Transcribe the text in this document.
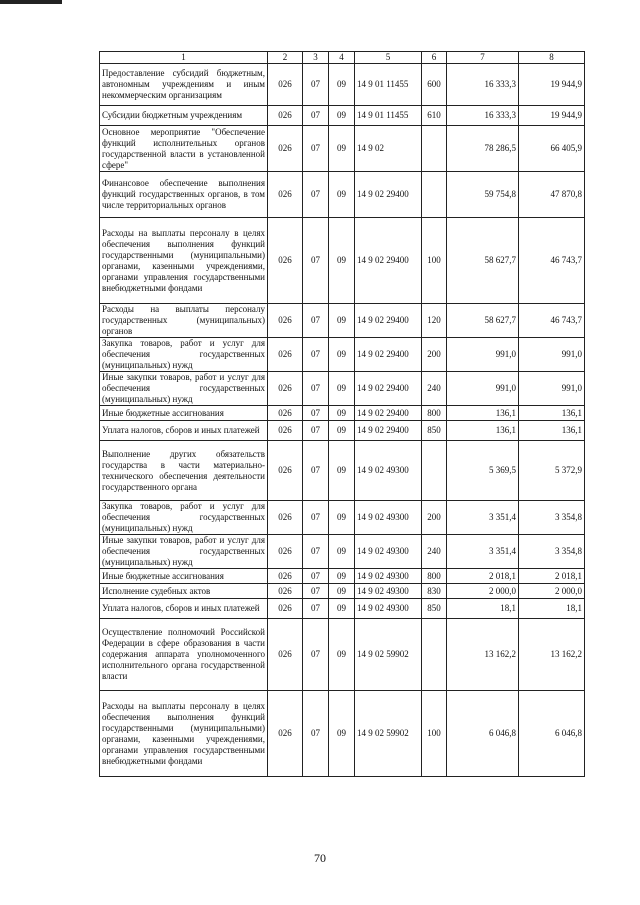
1	2	3	4	5	6	7	8
Предоставление субсидий бюджетным, автономным учреждениям и иным некоммерческим организациям	026	07	09	14 9 01 11455	600	16 333,3	19 944,9
Субсидии бюджетным учреждениям	026	07	09	14 9 01 11455	610	16 333,3	19 944,9
Основное мероприятие "Обеспечение функций исполнительных органов государственной власти в установленной сфере"	026	07	09	14 9 02		78 286,5	66 405,9
Финансовое обеспечение выполнения функций государственных органов, в том числе территориальных органов	026	07	09	14 9 02 29400		59 754,8	47 870,8
Расходы на выплаты персоналу в целях обеспечения выполнения функций государственными (муниципальными) органами, казенными учреждениями, органами управления государственными внебюджетными фондами	026	07	09	14 9 02 29400	100	58 627,7	46 743,7
Расходы на выплаты персоналу государственных (муниципальных) органов	026	07	09	14 9 02 29400	120	58 627,7	46 743,7
Закупка товаров, работ и услуг для обеспечения государственных (муниципальных) нужд	026	07	09	14 9 02 29400	200	991,0	991,0
Иные закупки товаров, работ и услуг для обеспечения государственных (муниципальных) нужд	026	07	09	14 9 02 29400	240	991,0	991,0
Иные бюджетные ассигнования	026	07	09	14 9 02 29400	800	136,1	136,1
Уплата налогов, сборов и иных платежей	026	07	09	14 9 02 29400	850	136,1	136,1
Выполнение других обязательств государства в части материально-технического обеспечения деятельности государственного органа	026	07	09	14 9 02 49300		5 369,5	5 372,9
Закупка товаров, работ и услуг для обеспечения государственных (муниципальных) нужд	026	07	09	14 9 02 49300	200	3 351,4	3 354,8
Иные закупки товаров, работ и услуг для обеспечения государственных (муниципальных) нужд	026	07	09	14 9 02 49300	240	3 351,4	3 354,8
Иные бюджетные ассигнования	026	07	09	14 9 02 49300	800	2 018,1	2 018,1
Исполнение судебных актов	026	07	09	14 9 02 49300	830	2 000,0	2 000,0
Уплата налогов, сборов и иных платежей	026	07	09	14 9 02 49300	850	18,1	18,1
Осуществление полномочий Российской Федерации в сфере образования в части содержания аппарата уполномоченного исполнительного органа государственной власти	026	07	09	14 9 02 59902		13 162,2	13 162,2
Расходы на выплаты персоналу в целях обеспечения выполнения функций государственными (муниципальными) органами, казенными учреждениями, органами управления государственными внебюджетными фондами	026	07	09	14 9 02 59902	100	6 046,8	6 046,8
70
